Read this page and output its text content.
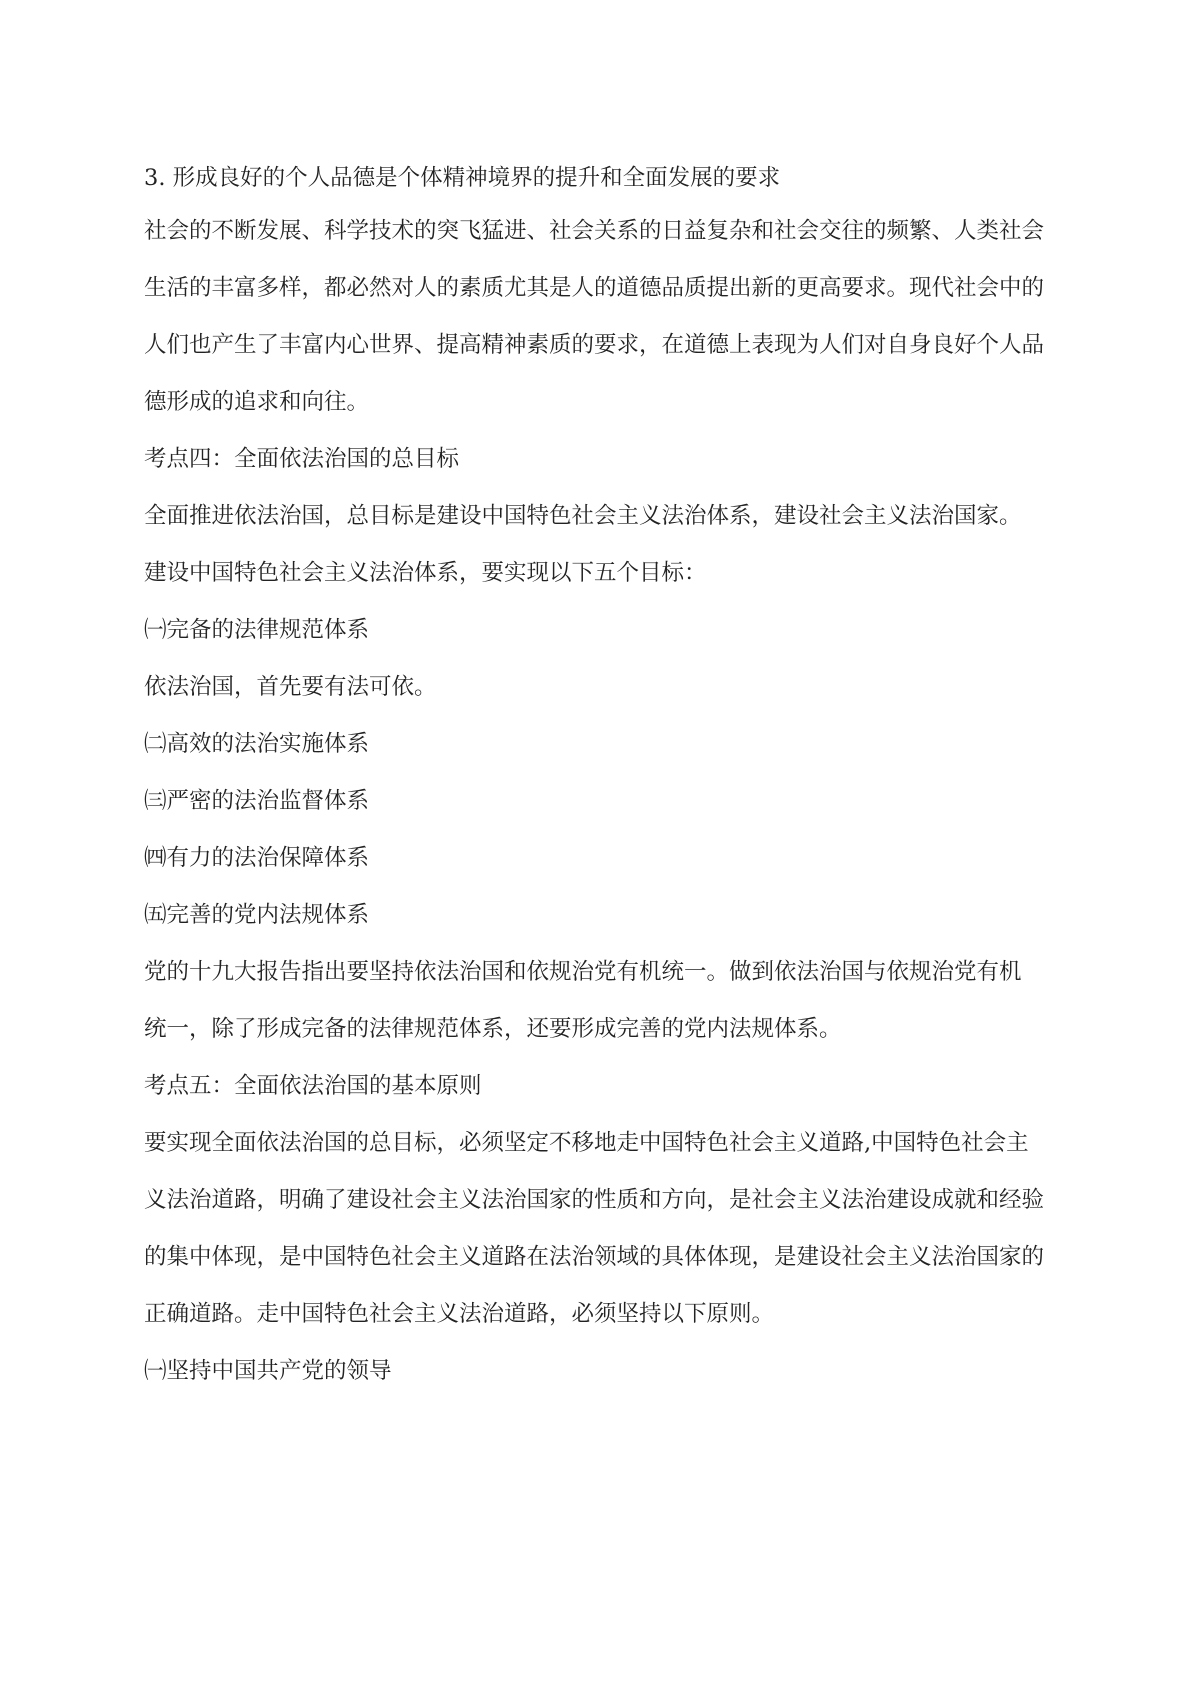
3. 形成良好的个人品德是个体精神境界的提升和全面发展的要求
社会的不断发展、科学技术的突飞猛进、社会关系的日益复杂和社会交往的频繁、人类社会
生活的丰富多样，都必然对人的素质尤其是人的道德品质提出新的更高要求。现代社会中的
人们也产生了丰富内心世界、提高精神素质的要求，在道德上表现为人们对自身良好个人品
德形成的追求和向往。
考点四：全面依法治国的总目标
全面推进依法治国，总目标是建设中国特色社会主义法治体系，建设社会主义法治国家。
建设中国特色社会主义法治体系，要实现以下五个目标：
㈠完备的法律规范体系
依法治国，首先要有法可依。
㈡高效的法治实施体系
㈢严密的法治监督体系
㈣有力的法治保障体系
㈤完善的党内法规体系
党的十九大报告指出要坚持依法治国和依规治党有机统一。做到依法治国与依规治党有机
统一，除了形成完备的法律规范体系，还要形成完善的党内法规体系。
考点五：全面依法治国的基本原则
要实现全面依法治国的总目标，必须坚定不移地走中国特色社会主义道路,中国特色社会主
义法治道路，明确了建设社会主义法治国家的性质和方向，是社会主义法治建设成就和经验
的集中体现，是中国特色社会主义道路在法治领域的具体体现，是建设社会主义法治国家的
正确道路。走中国特色社会主义法治道路，必须坚持以下原则。
㈠坚持中国共产党的领导
